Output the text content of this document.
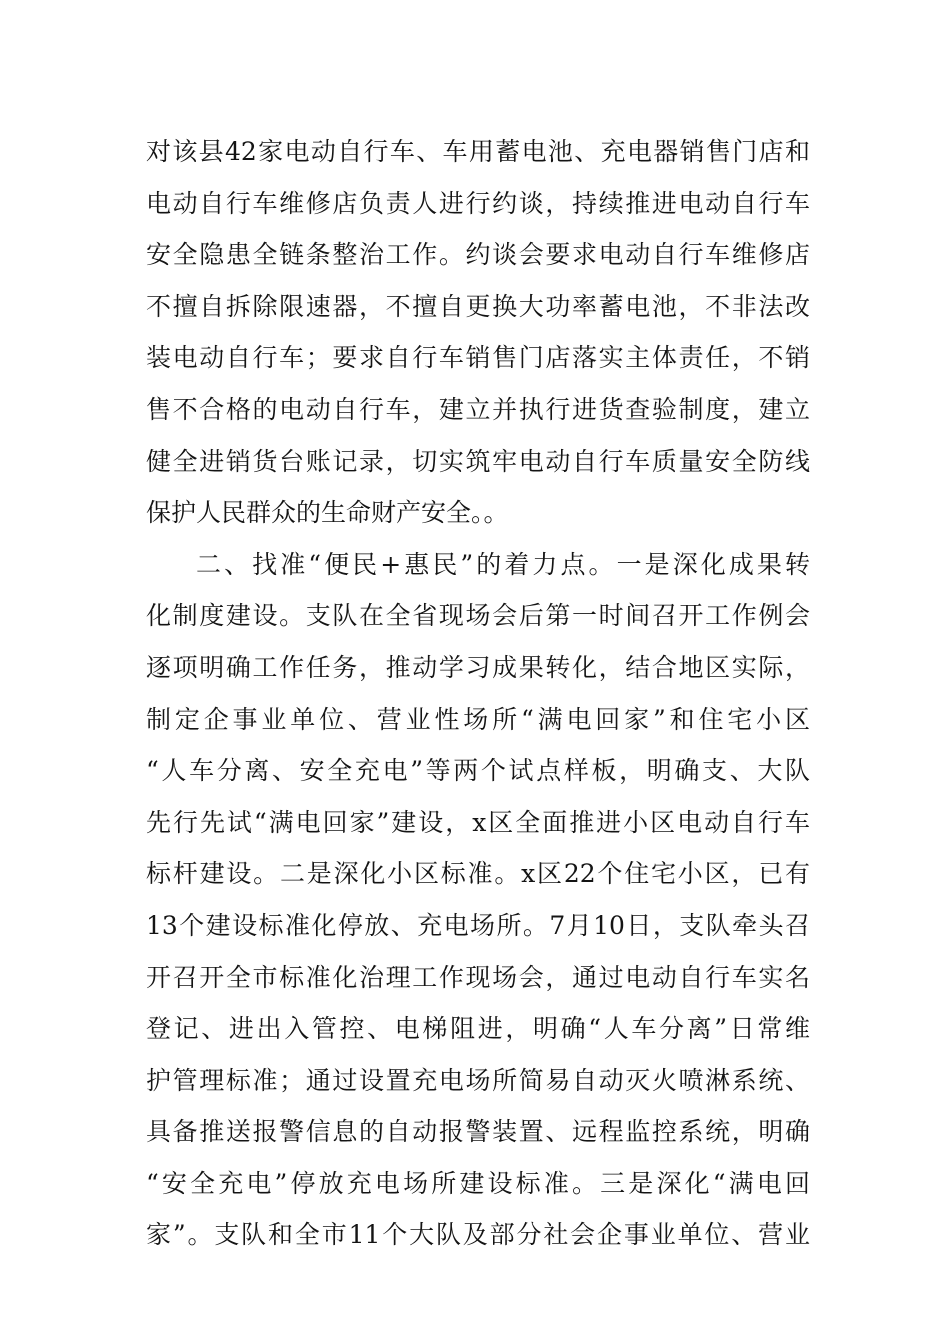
对该县42家电动自行车、车用蓄电池、充电器销售门店和
电动自行车维修店负责人进行约谈，持续推进电动自行车
安全隐患全链条整治工作。约谈会要求电动自行车维修店
不擅自拆除限速器，不擅自更换大功率蓄电池，不非法改
装电动自行车；要求自行车销售门店落实主体责任，不销
售不合格的电动自行车，建立并执行进货查验制度，建立
健全进销货台账记录，切实筑牢电动自行车质量安全防线
保护人民群众的生命财产安全。。
二、找准“便民+惠民”的着力点。一是深化成果转
化制度建设。支队在全省现场会后第一时间召开工作例会
逐项明确工作任务，推动学习成果转化，结合地区实际，
制定企事业单位、营业性场所“满电回家”和住宅小区
“人车分离、安全充电”等两个试点样板，明确支、大队
先行先试“满电回家”建设，x区全面推进小区电动自行车
标杆建设。二是深化小区标准。x区22个住宅小区，已有
13个建设标准化停放、充电场所。7月10日，支队牵头召
开召开全市标准化治理工作现场会，通过电动自行车实名
登记、进出入管控、电梯阻进，明确“人车分离”日常维
护管理标准；通过设置充电场所简易自动灭火喷淋系统、
具备推送报警信息的自动报警装置、远程监控系统，明确
“安全充电”停放充电场所建设标准。三是深化“满电回
家”。支队和全市11个大队及部分社会企事业单位、营业
